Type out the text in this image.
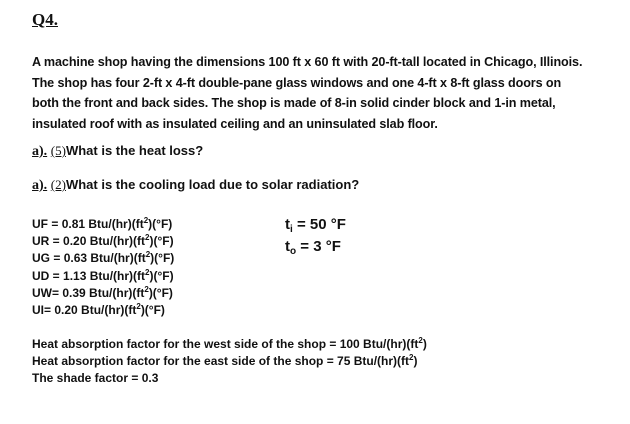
Q4.

A machine shop having the dimensions 100 ft x 60 ft with 20-ft-tall located in Chicago, Illinois.

The shop has four 2-ft x 4-ft double-pane glass windows and one 4-ft x 8-ft glass doors on

both the front and back sides. The shop is made of 8-in solid cinder block and 1-in metal,

insulated roof with as insulated ceiling and an uninsulated slab floor.

a). (5)What is the heat loss?
a). (2)What is the cooling load due to solar radiation?
UF = 0.81 Btu/$(hr)(ft^2)(^\circ F)$
UR = 0.20 Btu/$(hr)(ft^2)(^\circ F)$
UG = 0.63 Btu/$(hr)(ft^2)(^\circ F)$
UD = 1.13 Btu/$(hr)(ft^2)(^\circ F)$
UW= 0.39 Btu/$(hr)(ft^2)(^\circ F)$
UI= 0.20 Btu/$(hr)(ft^2)(^\circ F)$
$t_i = 50$ °F
$t_o = 3$ °F
Heat absorption factor for the west side of the shop = 100 Btu/$(hr)(ft^2)$
Heat absorption factor for the east side of the shop = 75 Btu/$(hr)(ft^2)$
The shade factor = 0.3
